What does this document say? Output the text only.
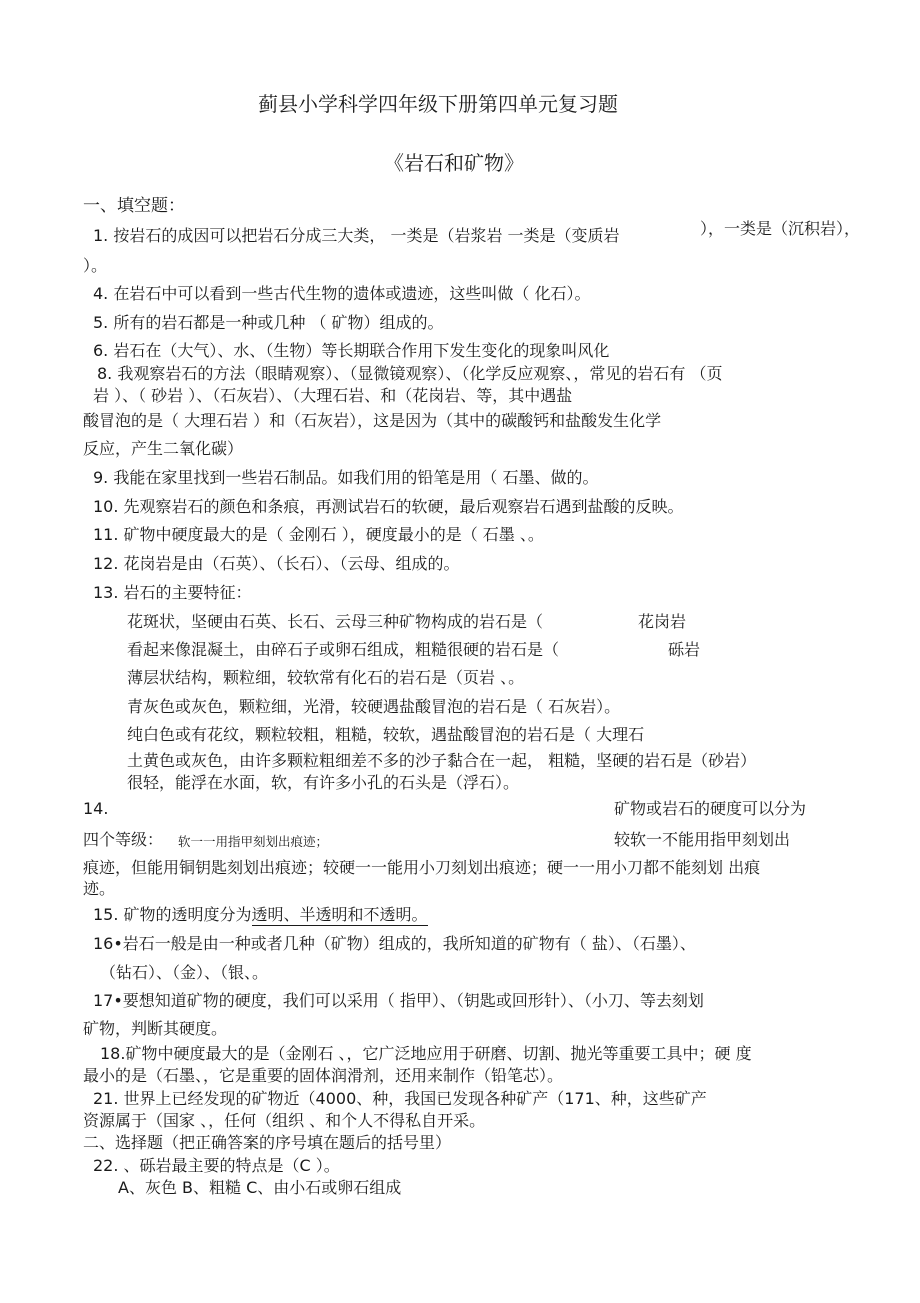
蓟县小学科学四年级下册第四单元复习题
《岩石和矿物》
一、填空题：
1. 按岩石的成因可以把岩石分成三大类， 一类是（岩浆岩 一类是（变质岩	），一类是（沉积岩），
）。
4. 在岩石中可以看到一些古代生物的遗体或遗迹，这些叫做（ 化石）。
5. 所有的岩石都是一种或几种 （ 矿物）组成的。
6. 岩石在（大气）、水、（生物）等长期联合作用下发生变化的现象叫风化
8. 我观察岩石的方法（眼睛观察）、（显微镜观察）、（化学反应观察、，常见的岩石有 （页
岩 ）、（ 砂岩 ）、（石灰岩）、（大理石岩、和（花岗岩、等，其中遇盐
酸冒泡的是（ 大理石岩 ）和（石灰岩），这是因为（其中的碳酸钙和盐酸发生化学
反应，产生二氧化碳）
9. 我能在家里找到一些岩石制品。如我们用的铅笔是用（ 石墨、做的。
10. 先观察岩石的颜色和条痕，再测试岩石的软硬，最后观察岩石遇到盐酸的反映。
11. 矿物中硬度最大的是（ 金刚石 ），硬度最小的是（ 石墨 、。
12. 花岗岩是由（石英）、（长石）、（云母、组成的。
13. 岩石的主要特征：
花斑状，坚硬由石英、长石、云母三种矿物构成的岩石是（	花岗岩
看起来像混凝土，由碎石子或卵石组成，粗糙很硬的岩石是（	砾岩
薄层状结构，颗粒细，较软常有化石的岩石是（页岩 、。
青灰色或灰色，颗粒细，光滑，较硬遇盐酸冒泡的岩石是（ 石灰岩）。
纯白色或有花纹，颗粒较粗，粗糙，较软，遇盐酸冒泡的岩石是（ 大理石
土黄色或灰色，由许多颗粒粗细差不多的沙子黏合在一起， 粗糙，坚硬的岩石是（砂岩）
很轻，能浮在水面，软，有许多小孔的石头是（浮石）。
14.	矿物或岩石的硬度可以分为
四个等级： 软一一用指甲刻划出痕迹；	较软一不能用指甲刻划出
痕迹，但能用铜钥匙刻划出痕迹；较硬一一能用小刀刻划出痕迹；硬一一用小刀都不能刻划 出痕
迹。
15. 矿物的透明度分为透明、半透明和不透明。
16•岩石一般是由一种或者几种（矿物）组成的，我所知道的矿物有（ 盐）、（石墨）、
（钻石）、（金）、（银、。
17•要想知道矿物的硬度，我们可以采用（ 指甲）、（钥匙或回形针）、（小刀、等去刻划
矿物，判断其硬度。
18.矿物中硬度最大的是（金刚石 、，它广泛地应用于研磨、切割、抛光等重要工具中；硬 度
最小的是（石墨、，它是重要的固体润滑剂，还用来制作（铅笔芯）。
21. 世界上已经发现的矿物近（4000、种，我国已发现各种矿产（171、种，这些矿产
资源属于（国家 、，任何（组织 、和个人不得私自开采。
二、选择题（把正确答案的序号填在题后的括号里）
22. 、砾岩最主要的特点是（C ）。
A、灰色 B、粗糙 C、由小石或卵石组成
